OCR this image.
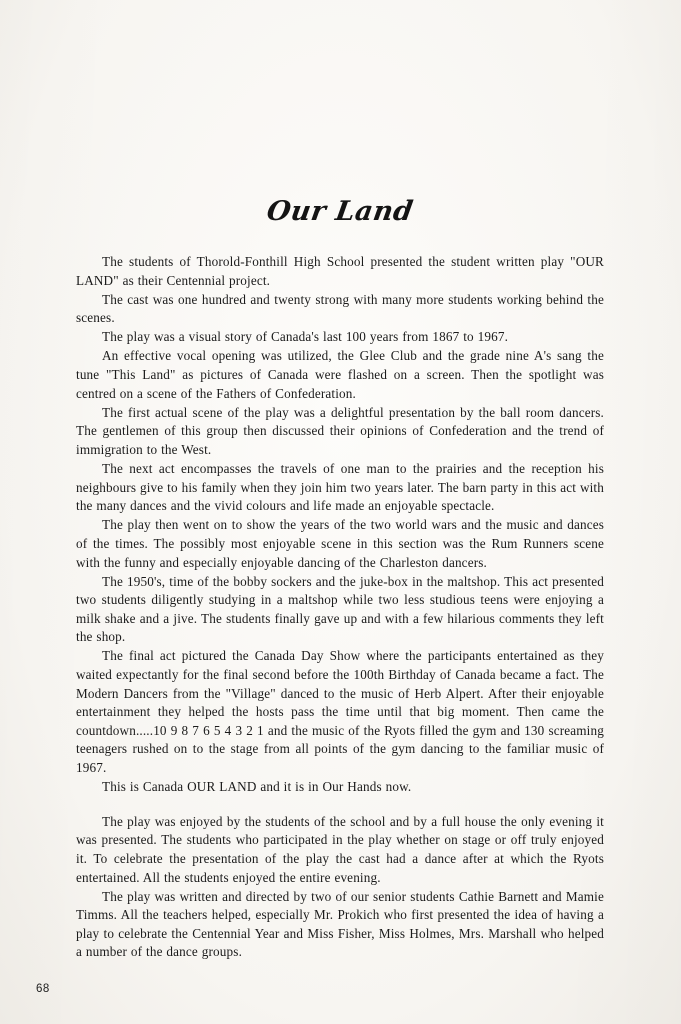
Our Land

The students of Thorold-Fonthill High School presented the student written play "OUR LAND" as their Centennial project.

The cast was one hundred and twenty strong with many more students working behind the scenes.

The play was a visual story of Canada's last 100 years from 1867 to 1967.

An effective vocal opening was utilized, the Glee Club and the grade nine A's sang the tune "This Land" as pictures of Canada were flashed on a screen. Then the spotlight was centred on a scene of the Fathers of Confederation.

The first actual scene of the play was a delightful presentation by the ball room dancers. The gentlemen of this group then discussed their opinions of Confederation and the trend of immigration to the West.

The next act encompasses the travels of one man to the prairies and the reception his neighbours give to his family when they join him two years later. The barn party in this act with the many dances and the vivid colours and life made an enjoyable spectacle.

The play then went on to show the years of the two world wars and the music and dances of the times. The possibly most enjoyable scene in this section was the Rum Runners scene with the funny and especially enjoyable dancing of the Charleston dancers.

The 1950's, time of the bobby sockers and the juke-box in the maltshop. This act presented two students diligently studying in a maltshop while two less studious teens were enjoying a milk shake and a jive. The students finally gave up and with a few hilarious comments they left the shop.

The final act pictured the Canada Day Show where the participants entertained as they waited expectantly for the final second before the 100th Birthday of Canada became a fact. The Modern Dancers from the "Village" danced to the music of Herb Alpert. After their enjoyable entertainment they helped the hosts pass the time until that big moment. Then came the countdown.....10 9 8 7 6 5 4 3 2 1 and the music of the Ryots filled the gym and 130 screaming teenagers rushed on to the stage from all points of the gym dancing to the familiar music of 1967.

This is Canada OUR LAND and it is in Our Hands now.

The play was enjoyed by the students of the school and by a full house the only evening it was presented. The students who participated in the play whether on stage or off truly enjoyed it. To celebrate the presentation of the play the cast had a dance after at which the Ryots entertained. All the students enjoyed the entire evening.

The play was written and directed by two of our senior students Cathie Barnett and Mamie Timms. All the teachers helped, especially Mr. Prokich who first presented the idea of having a play to celebrate the Centennial Year and Miss Fisher, Miss Holmes, Mrs. Marshall who helped a number of the dance groups.

68
